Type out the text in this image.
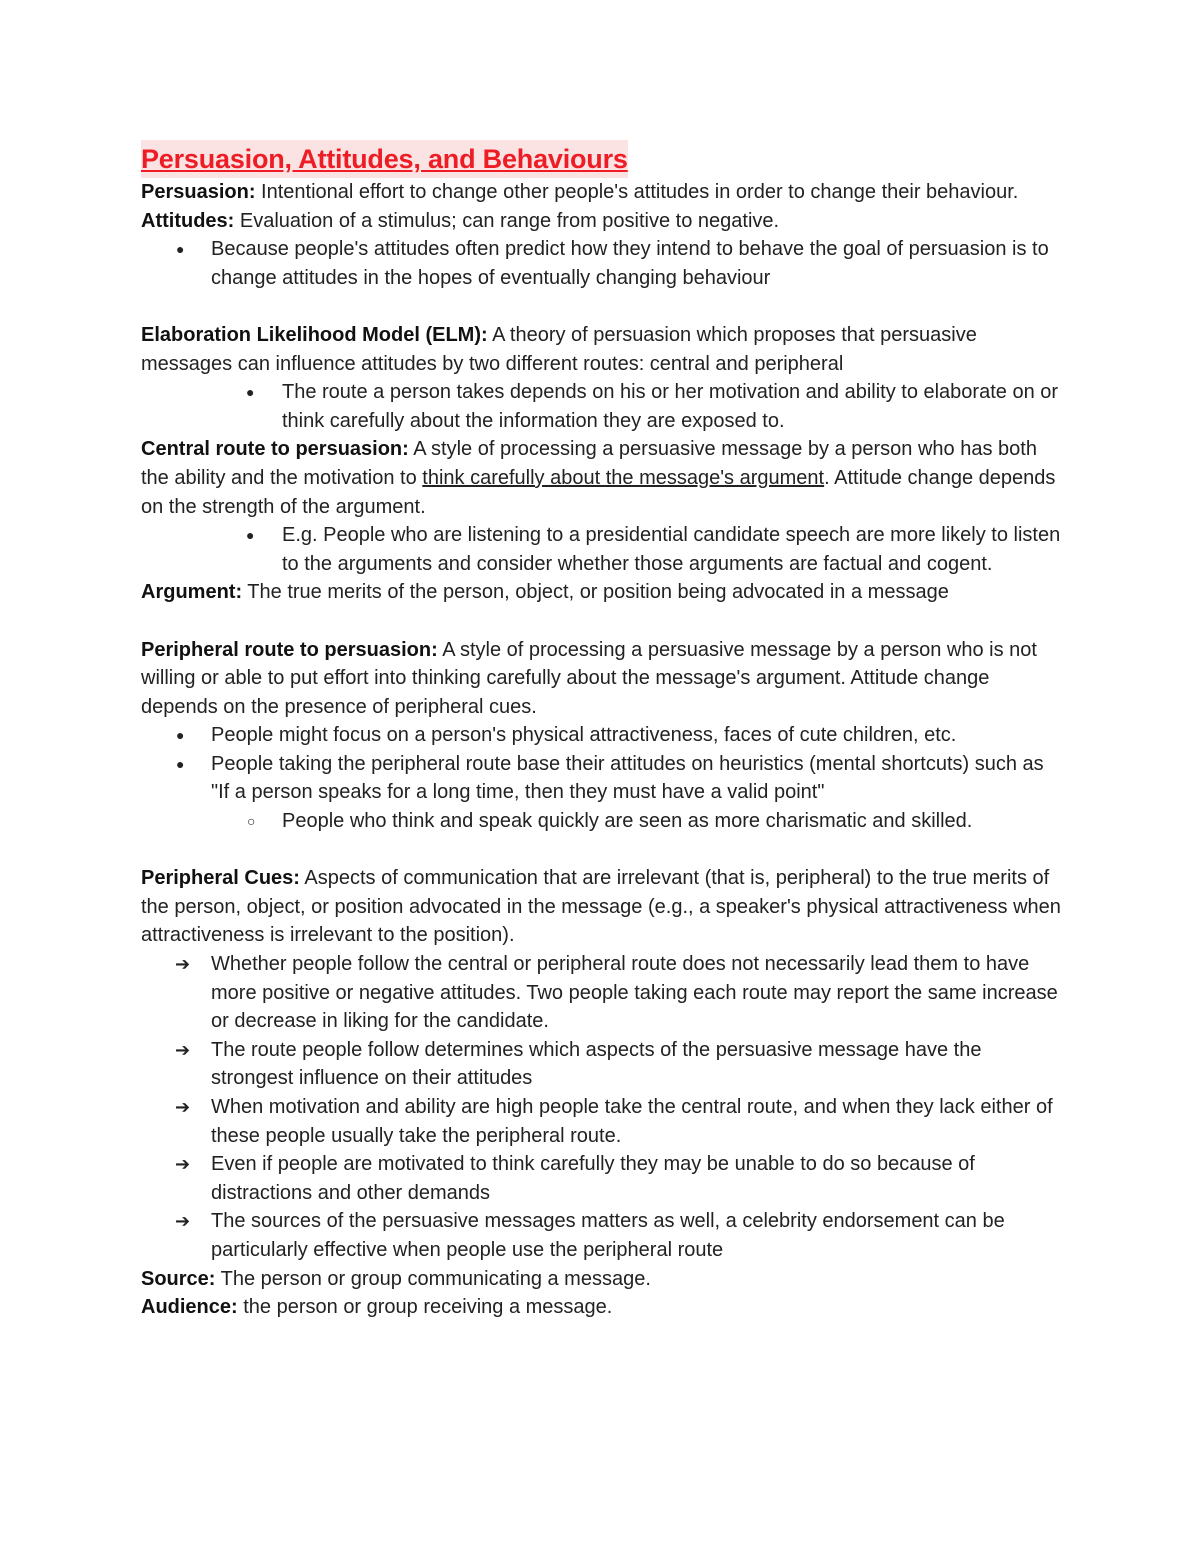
Persuasion, Attitudes, and Behaviours

Persuasion: Intentional effort to change other people's attitudes in order to change their behaviour.

Attitudes: Evaluation of a stimulus; can range from positive to negative.

● Because people's attitudes often predict how they intend to behave the goal of persuasion is to change attitudes in the hopes of eventually changing behaviour

Elaboration Likelihood Model (ELM): A theory of persuasion which proposes that persuasive messages can influence attitudes by two different routes: central and peripheral

● The route a person takes depends on his or her motivation and ability to elaborate on or think carefully about the information they are exposed to.

Central route to persuasion: A style of processing a persuasive message by a person who has both the ability and the motivation to think carefully about the message's argument. Attitude change depends on the strength of the argument.

● E.g. People who are listening to a presidential candidate speech are more likely to listen to the arguments and consider whether those arguments are factual and cogent.

Argument: The true merits of the person, object, or position being advocated in a message

Peripheral route to persuasion: A style of processing a persuasive message by a person who is not willing or able to put effort into thinking carefully about the message's argument. Attitude change depends on the presence of peripheral cues.

● People might focus on a person's physical attractiveness, faces of cute children, etc.
● People taking the peripheral route base their attitudes on heuristics (mental shortcuts) such as "If a person speaks for a long time, then they must have a valid point"
○ People who think and speak quickly are seen as more charismatic and skilled.

Peripheral Cues: Aspects of communication that are irrelevant (that is, peripheral) to the true merits of the person, object, or position advocated in the message (e.g., a speaker's physical attractiveness when attractiveness is irrelevant to the position).

➔ Whether people follow the central or peripheral route does not necessarily lead them to have more positive or negative attitudes. Two people taking each route may report the same increase or decrease in liking for the candidate.
➔ The route people follow determines which aspects of the persuasive message have the strongest influence on their attitudes
➔ When motivation and ability are high people take the central route, and when they lack either of these people usually take the peripheral route.
➔ Even if people are motivated to think carefully they may be unable to do so because of distractions and other demands
➔ The sources of the persuasive messages matters as well, a celebrity endorsement can be particularly effective when people use the peripheral route

Source: The person or group communicating a message.

Audience: the person or group receiving a message.
